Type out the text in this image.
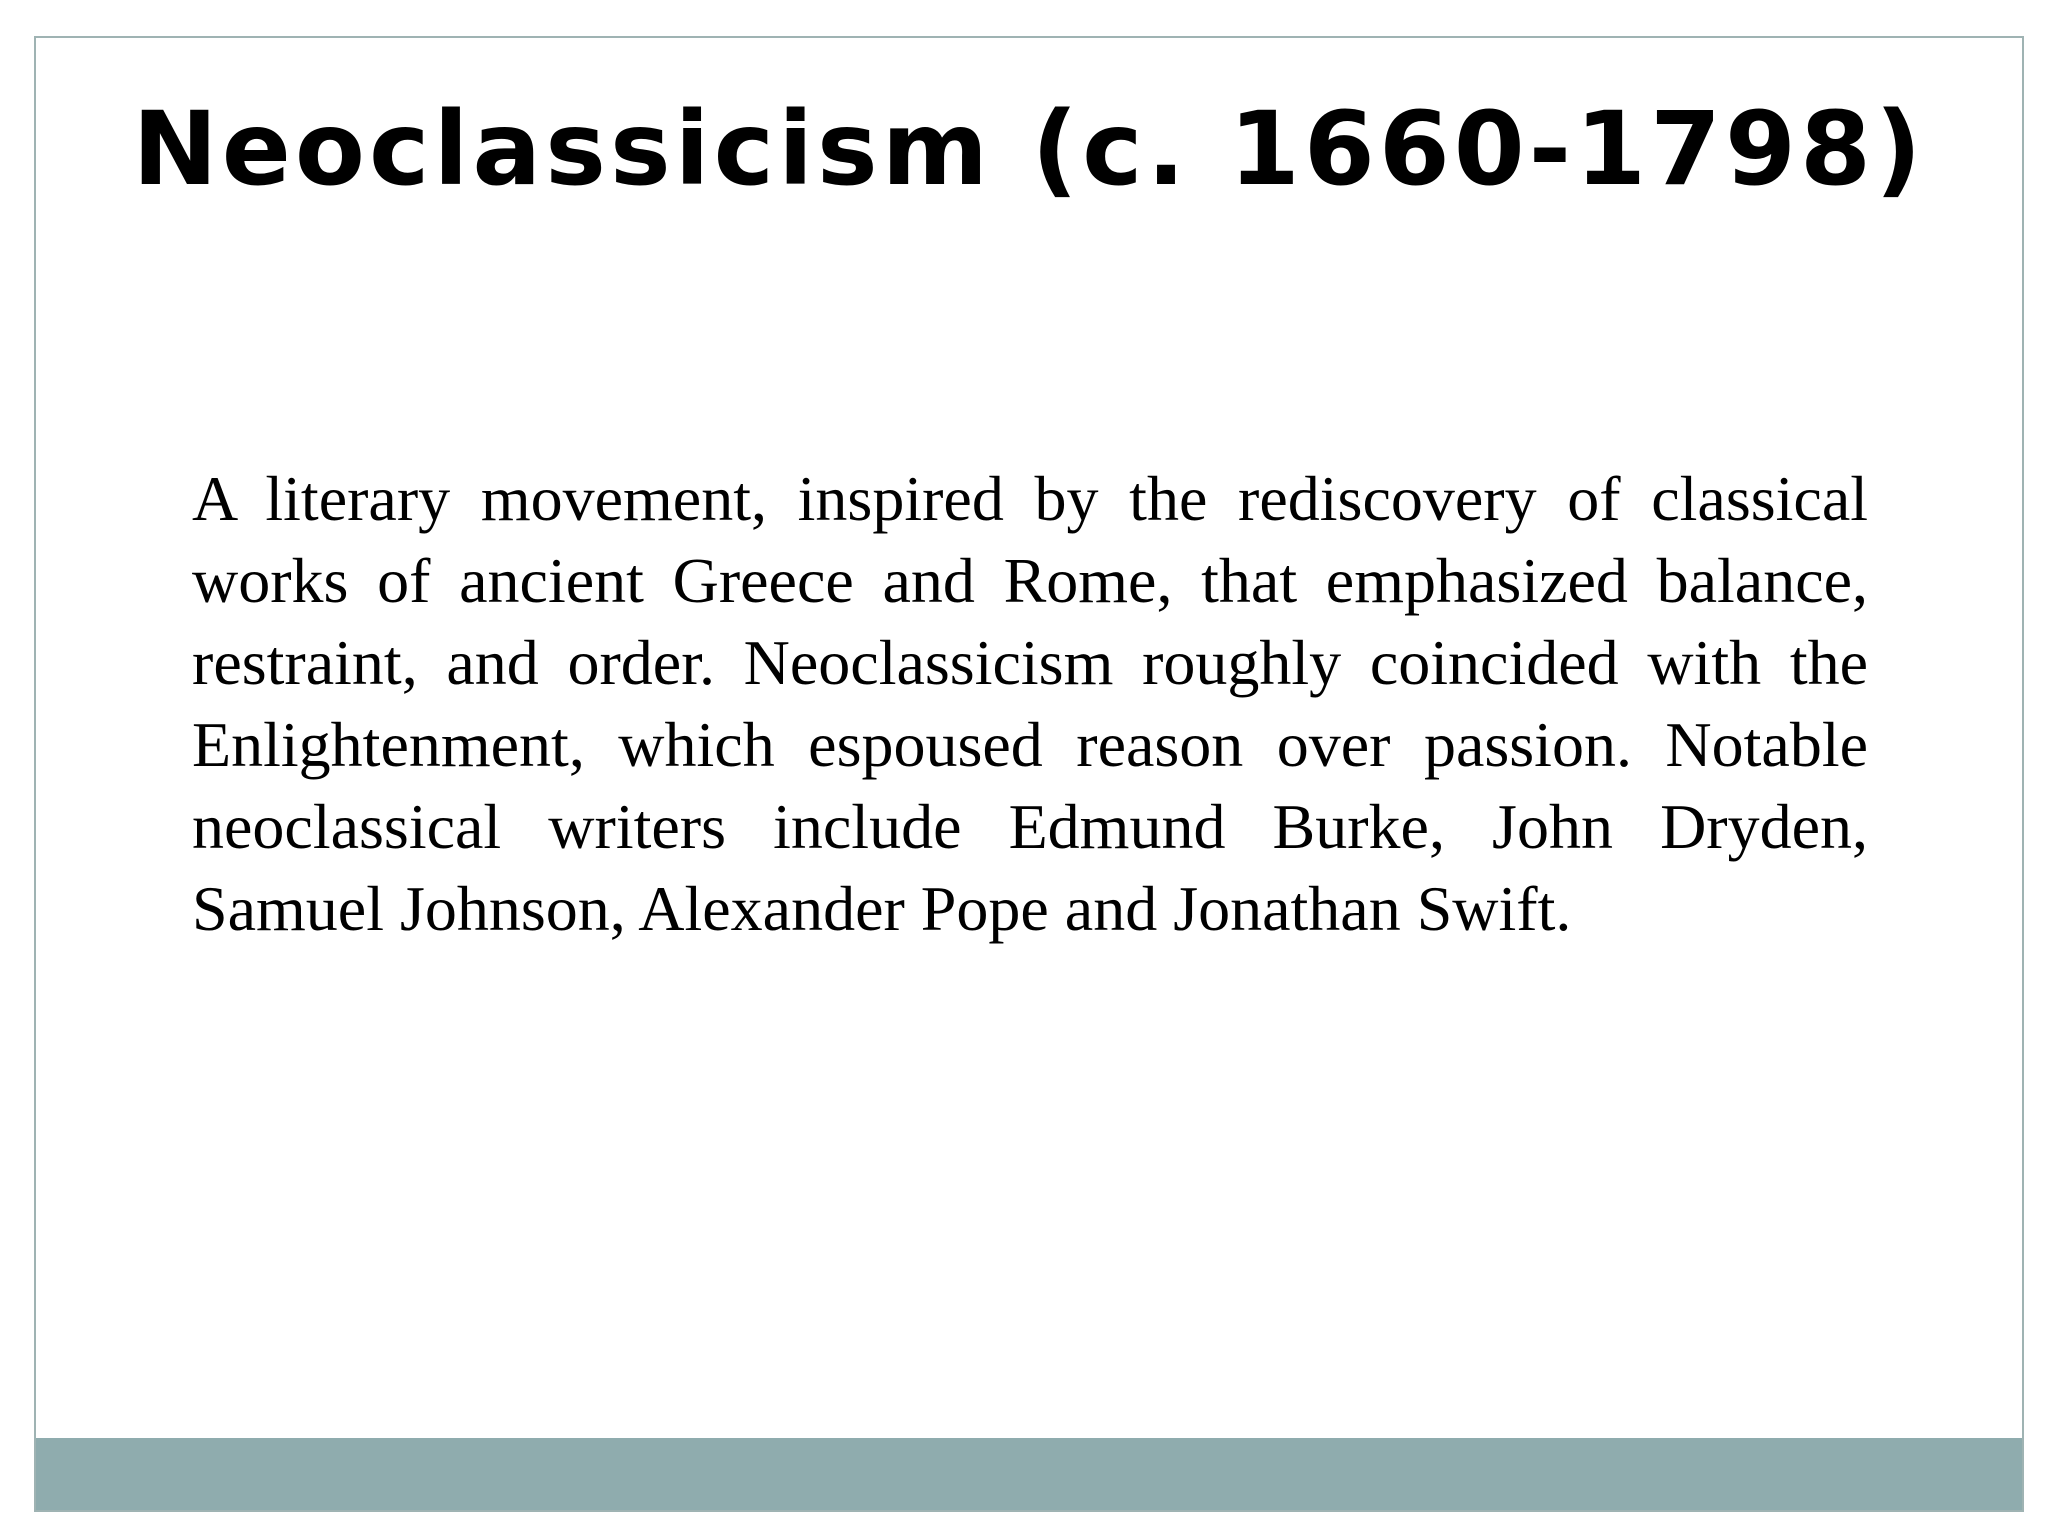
Neoclassicism (c. 1660-1798)
A literary movement, inspired by the rediscovery of classical works of ancient Greece and Rome, that emphasized balance, restraint, and order. Neoclassicism roughly coincided with the Enlightenment, which espoused reason over passion. Notable neoclassical writers include Edmund Burke, John Dryden, Samuel Johnson, Alexander Pope and Jonathan Swift.
